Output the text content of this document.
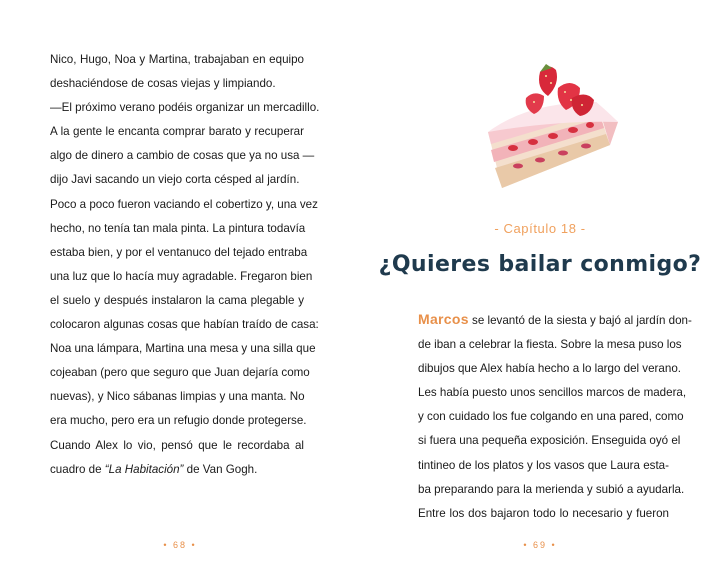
Nico, Hugo, Noa y Martina, trabajaban en equipo
deshaciéndose de cosas viejas y limpiando.
—El próximo verano podéis organizar un mercadillo.
A la gente le encanta comprar barato y recuperar
algo de dinero a cambio de cosas que ya no usa —
dijo Javi sacando un viejo corta césped al jardín.
Poco a poco fueron vaciando el cobertizo y, una vez
hecho, no tenía tan mala pinta. La pintura todavía
estaba bien, y por el ventanuco del tejado entraba
una luz que lo hacía muy agradable. Fregaron bien
el suelo y después instalaron la cama plegable y
colocaron algunas cosas que habían traído de casa:
Noa una lámpara, Martina una mesa y una silla que
cojeaban (pero que seguro que Juan dejaría como
nuevas), y Nico sábanas limpias y una manta. No
era mucho, pero era un refugio donde protegerse.
Cuando Alex lo vio, pensó que le recordaba al
cuadro de “La Habitación” de Van Gogh.
• 68 •
- Capítulo 18 -
¿Quieres bailar conmigo?
Marcos se levantó de la siesta y bajó al jardín don-
de iban a celebrar la fiesta. Sobre la mesa puso los
dibujos que Alex había hecho a lo largo del verano.
Les había puesto unos sencillos marcos de madera,
y con cuidado los fue colgando en una pared, como
si fuera una pequeña exposición. Enseguida oyó el
tintineo de los platos y los vasos que Laura esta-
ba preparando para la merienda y subió a ayudarla.
Entre los dos bajaron todo lo necesario y fueron
• 69 •
